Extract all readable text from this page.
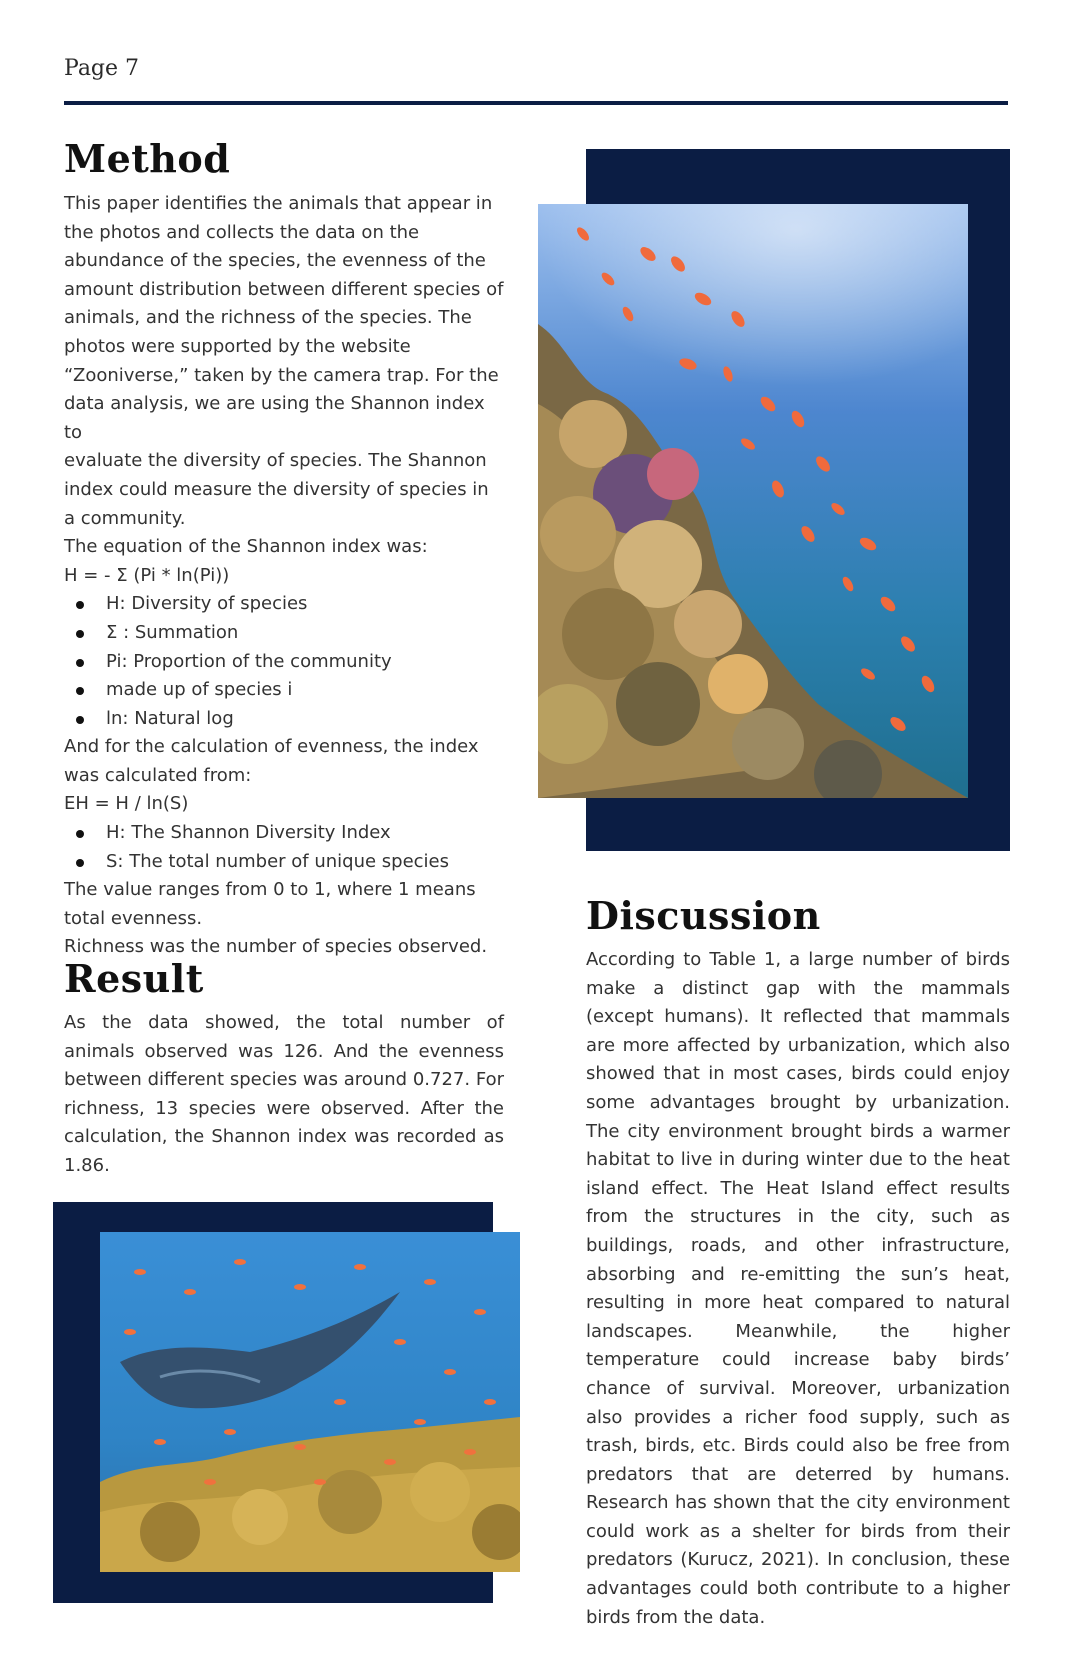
Page 7
Method
This paper identifies the animals that appear in
the photos and collects the data on the
abundance of the species, the evenness of the
amount distribution between different species of
animals, and the richness of the species. The
photos were supported by the website
“Zooniverse,” taken by the camera trap. For the
data analysis, we are using the Shannon index to
evaluate the diversity of species. The Shannon
index could measure the diversity of species in
a community.
The equation of the Shannon index was:
H = - Σ (Pi * ln(Pi))
H: Diversity of species
Σ : Summation
Pi: Proportion of the community
made up of species i
ln: Natural log
And for the calculation of evenness, the index
was calculated from:
EH = H / ln(S)
H: The Shannon Diversity Index
S: The total number of unique species
The value ranges from 0 to 1, where 1 means
total evenness.
Richness was the number of species observed.
Result

As the data showed, the total number of animals observed was 126. And the evenness between different species was around 0.727. For richness, 13 species were observed. After the calculation, the Shannon index was recorded as 1.86.

Discussion

According to Table 1, a large number of birds make a distinct gap with the mammals (except humans). It reflected that mammals are more affected by urbanization, which also showed that in most cases, birds could enjoy some advantages brought by urbanization. The city environment brought birds a warmer habitat to live in during winter due to the heat island effect. The Heat Island effect results from the structures in the city, such as buildings, roads, and other infrastructure, absorbing and re-emitting the sun’s heat, resulting in more heat compared to natural landscapes. Meanwhile, the higher temperature could increase baby birds’ chance of survival. Moreover, urbanization also provides a richer food supply, such as trash, birds, etc. Birds could also be free from predators that are deterred by humans. Research has shown that the city environment could work as a shelter for birds from their predators (Kurucz, 2021). In conclusion, these advantages could both contribute to a higher birds from the data.
